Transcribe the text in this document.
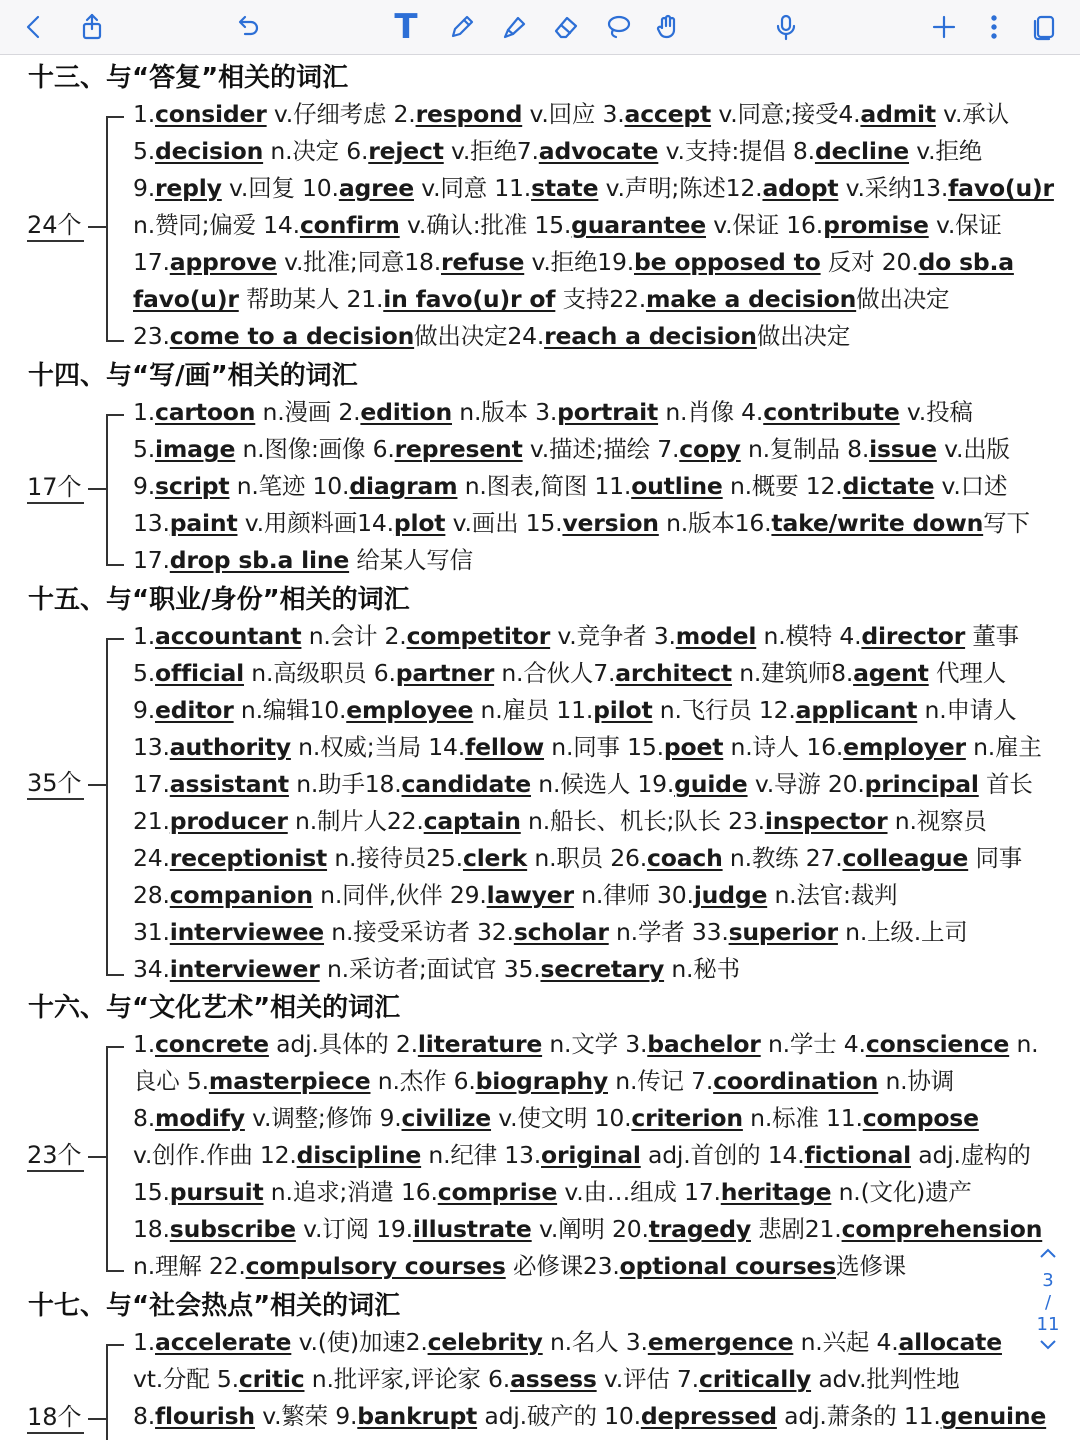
T
十三、与“答复”相关的词汇
24个
1.consider v.仔细考虑 2.respond v.回应 3.accept v.同意;接受4.admit v.承认
5.decision n.决定 6.reject v.拒绝7.advocate v.支持:提倡 8.decline v.拒绝
9.reply v.回复 10.agree v.同意 11.state v.声明;陈述12.adopt v.采纳13.favo(u)r
n.赞同;偏爱 14.confirm v.确认:批准 15.guarantee v.保证 16.promise v.保证
17.approve v.批准;同意18.refuse v.拒绝19.be opposed to 反对 20.do sb.a
favo(u)r 帮助某人 21.in favo(u)r of 支持22.make a decision做出决定
23.come to a decision做出决定24.reach a decision做出决定
十四、与“写/画”相关的词汇
17个
1.cartoon n.漫画 2.edition n.版本 3.portrait n.肖像 4.contribute v.投稿
5.image n.图像:画像 6.represent v.描述;描绘 7.copy n.复制品 8.issue v.出版
9.script n.笔迹 10.diagram n.图表,简图 11.outline n.概要 12.dictate v.口述
13.paint v.用颜料画14.plot v.画出 15.version n.版本16.take/write down写下
17.drop sb.a line 给某人写信
十五、与“职业/身份”相关的词汇
35个
1.accountant n.会计 2.competitor v.竞争者 3.model n.模特 4.director 董事
5.official n.高级职员 6.partner n.合伙人7.architect n.建筑师8.agent 代理人
9.editor n.编辑10.employee n.雇员 11.pilot n.飞行员 12.applicant n.申请人
13.authority n.权威;当局 14.fellow n.同事 15.poet n.诗人 16.employer n.雇主
17.assistant n.助手18.candidate n.候选人 19.guide v.导游 20.principal 首长
21.producer n.制片人22.captain n.船长、机长;队长 23.inspector n.视察员
24.receptionist n.接待员25.clerk n.职员 26.coach n.教练 27.colleague 同事
28.companion n.同伴,伙伴 29.lawyer n.律师 30.judge n.法官:裁判
31.interviewee n.接受采访者 32.scholar n.学者 33.superior n.上级.上司
34.interviewer n.采访者;面试官 35.secretary n.秘书
十六、与“文化艺术”相关的词汇
23个
1.concrete adj.具体的 2.literature n.文学 3.bachelor n.学士 4.conscience n.
良心 5.masterpiece n.杰作 6.biography n.传记 7.coordination n.协调
8.modify v.调整;修饰 9.civilize v.使文明 10.criterion n.标准 11.compose
v.创作.作曲 12.discipline n.纪律 13.original adj.首创的 14.fictional adj.虚构的
15.pursuit n.追求;消遣 16.comprise v.由…组成 17.heritage n.(文化)遗产
18.subscribe v.订阅 19.illustrate v.阐明 20.tragedy 悲剧21.comprehension
n.理解 22.compulsory courses 必修课23.optional courses选修课
十七、与“社会热点”相关的词汇
18个
1.accelerate v.(使)加速2.celebrity n.名人 3.emergence n.兴起 4.allocate
vt.分配 5.critic n.批评家,评论家 6.assess v.评估 7.critically adv.批判性地
8.flourish v.繁荣 9.bankrupt adj.破产的 10.depressed adj.萧条的 11.genuine
3
/
11
